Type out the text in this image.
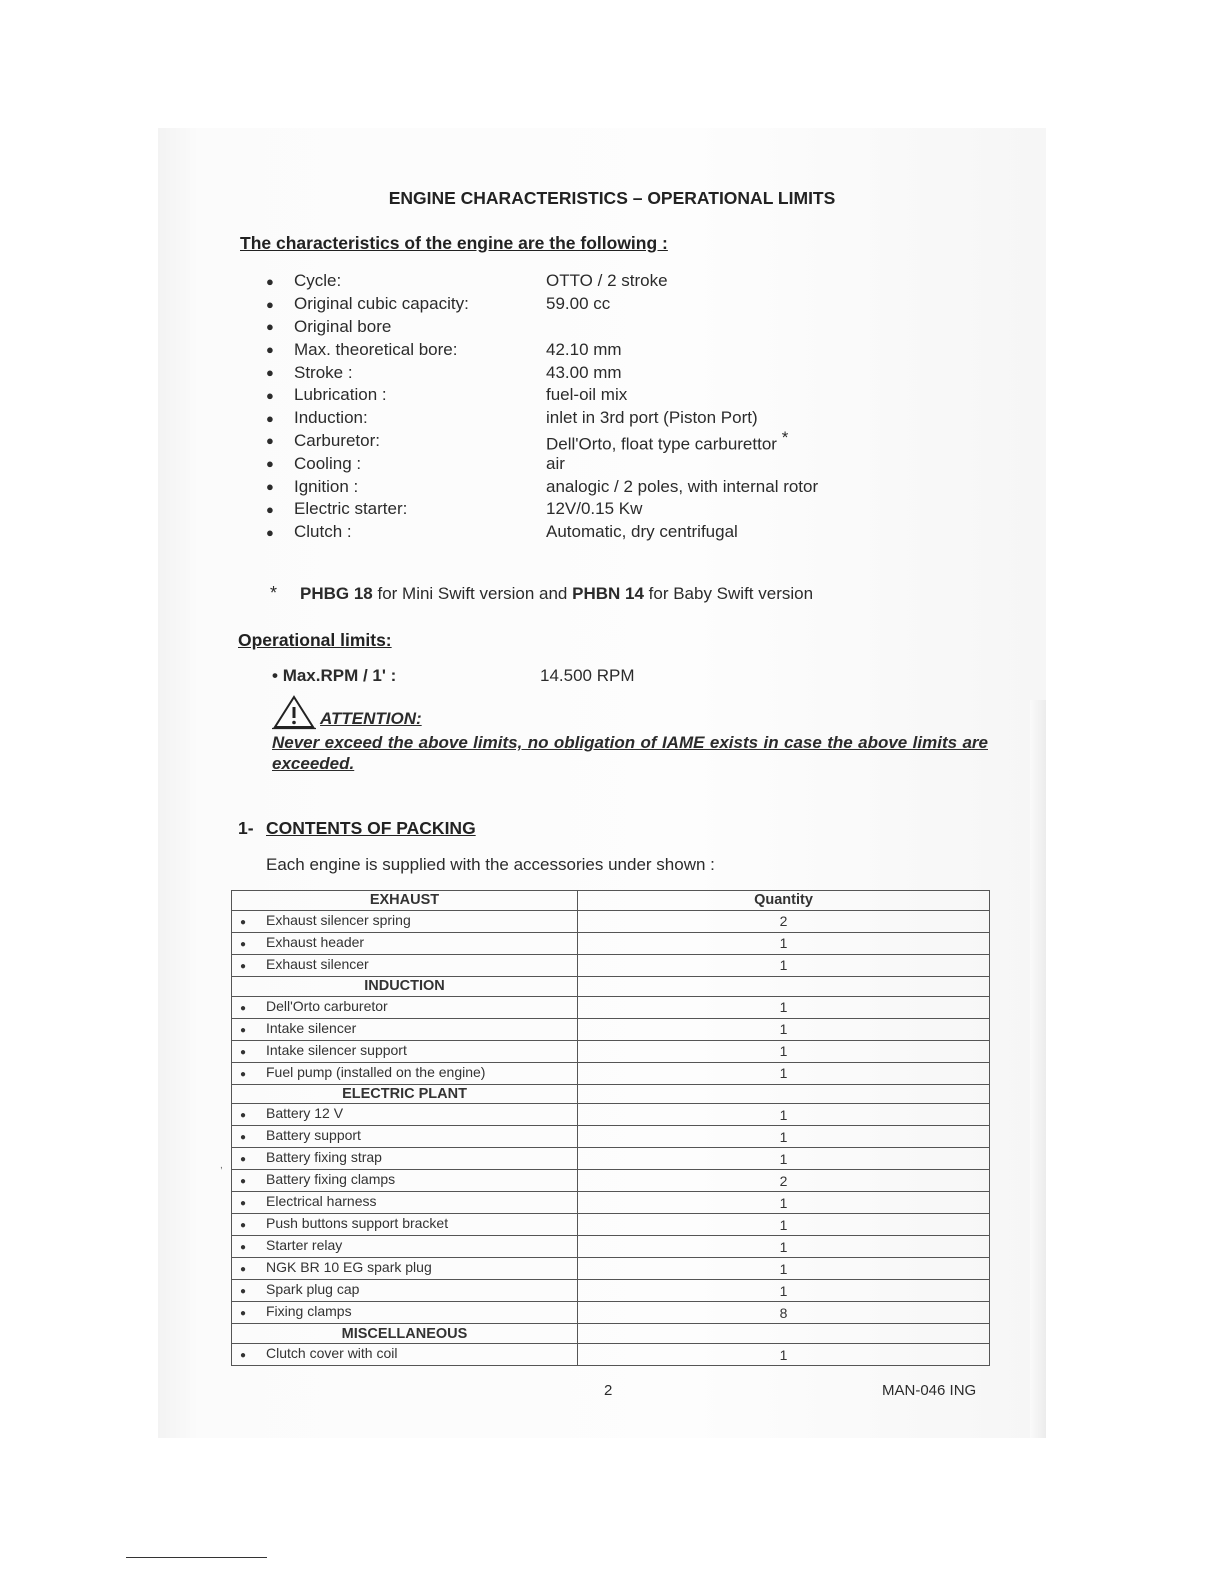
ENGINE CHARACTERISTICS – OPERATIONAL LIMITS
The characteristics of the engine are the following :
●	Cycle:	OTTO / 2 stroke
●	Original cubic capacity:	59.00 cc
●	Original bore
●	Max. theoretical bore:	42.10 mm
●	Stroke :	43.00 mm
●	Lubrication :	fuel-oil mix
●	Induction:	inlet in 3rd port (Piston Port)
●	Carburetor:	Dell'Orto, float type carburettor *
●	Cooling :	air
●	Ignition :	analogic / 2 poles, with internal rotor
●	Electric starter:	12V/0.15 Kw
●	Clutch :	Automatic, dry centrifugal
* PHBG 18 for Mini Swift version and PHBN 14 for Baby Swift version
Operational limits:
• Max.RPM / 1' :	14.500 RPM
ATTENTION:
Never exceed the above limits, no obligation of IAME exists in case the above limits are exceeded.
1- CONTENTS OF PACKING
Each engine is supplied with the accessories under shown :
EXHAUST	Quantity
● Exhaust silencer spring	2
● Exhaust header	1
● Exhaust silencer	1
INDUCTION	
● Dell'Orto carburetor	1
● Intake silencer	1
● Intake silencer support	1
● Fuel pump (installed on the engine)	1
ELECTRIC PLANT	
● Battery 12 V	1
● Battery support	1
● Battery fixing strap	1
● Battery fixing clamps	2
● Electrical harness	1
● Push buttons support bracket	1
● Starter relay	1
● NGK BR 10 EG spark plug	1
● Spark plug cap	1
● Fixing clamps	8
MISCELLANEOUS	
● Clutch cover with coil	1
,
2	MAN-046 ING
